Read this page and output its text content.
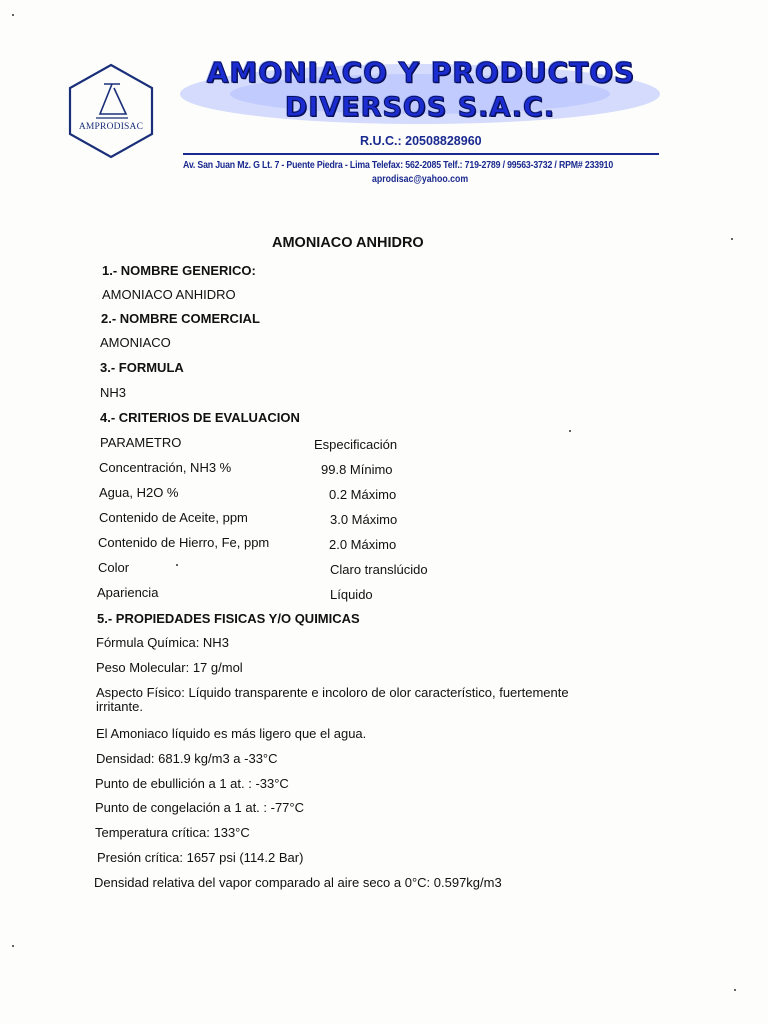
AMPRODISAC
AMONIACO Y PRODUCTOS
DIVERSOS S.A.C.
R.U.C.: 20508828960
Av. San Juan Mz. G Lt. 7 - Puente Piedra - Lima Telefax: 562-2085 Telf.: 719-2789 / 99563-3732 / RPM# 233910
aprodisac@yahoo.com
AMONIACO ANHIDRO
1.- NOMBRE GENERICO:
AMONIACO ANHIDRO
2.- NOMBRE COMERCIAL
AMONIACO
3.- FORMULA
NH3
4.- CRITERIOS DE EVALUACION
PARAMETRO	Especificación
Concentración, NH3 %	99.8 Mínimo
Agua, H2O %	0.2 Máximo
Contenido de Aceite, ppm	3.0 Máximo
Contenido de Hierro, Fe, ppm	2.0 Máximo
Color	Claro translúcido
Apariencia	Líquido
5.- PROPIEDADES FISICAS Y/O QUIMICAS
Fórmula Química: NH3
Peso Molecular: 17 g/mol
Aspecto Físico: Líquido transparente e incoloro de olor característico, fuertemente
irritante.
El Amoniaco líquido es más ligero que el agua.
Densidad: 681.9 kg/m3 a -33°C
Punto de ebullición a 1 at. : -33°C
Punto de congelación a 1 at. : -77°C
Temperatura crítica: 133°C
Presión crítica: 1657 psi (114.2 Bar)
Densidad relativa del vapor comparado al aire seco a 0°C: 0.597kg/m3
